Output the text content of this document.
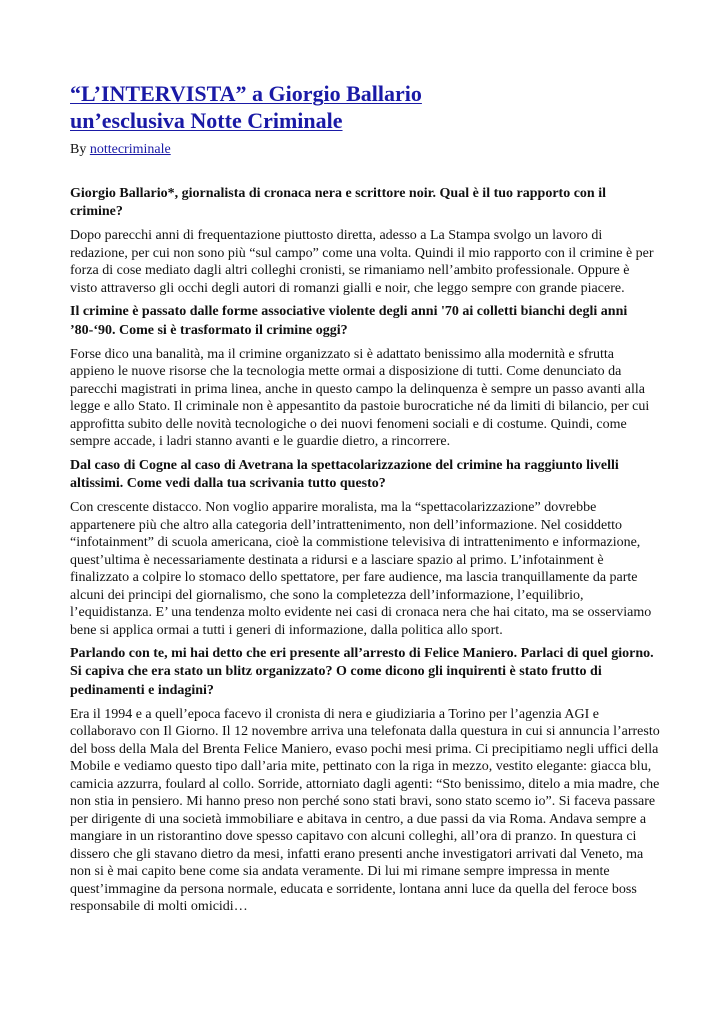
“L’INTERVISTA” a Giorgio Ballario
un’esclusiva Notte Criminale
By nottecriminale

Giorgio Ballario*, giornalista di cronaca nera e scrittore noir. Qual è il tuo rapporto con il crimine?

Dopo parecchi anni di frequentazione piuttosto diretta, adesso a La Stampa svolgo un lavoro di redazione, per cui non sono più “sul campo” come una volta. Quindi il mio rapporto con il crimine è per forza di cose mediato dagli altri colleghi cronisti, se rimaniamo nell’ambito professionale. Oppure è visto attraverso gli occhi degli autori di romanzi gialli e noir, che leggo sempre con grande piacere.

Il crimine è passato dalle forme associative violente degli anni '70 ai colletti bianchi degli anni ’80-‘90. Come si è trasformato il crimine oggi?

Forse dico una banalità, ma il crimine organizzato si è adattato benissimo alla modernità e sfrutta appieno le nuove risorse che la tecnologia mette ormai a disposizione di tutti. Come denunciato da parecchi magistrati in prima linea, anche in questo campo la delinquenza è sempre un passo avanti alla legge e allo Stato. Il criminale non è appesantito da pastoie burocratiche né da limiti di bilancio, per cui approfitta subito delle novità tecnologiche o dei nuovi fenomeni sociali e di costume. Quindi, come sempre accade, i ladri stanno avanti e le guardie dietro, a rincorrere.

Dal caso di Cogne al caso di Avetrana la spettacolarizzazione del crimine ha raggiunto livelli altissimi. Come vedi dalla tua scrivania tutto questo?

Con crescente distacco. Non voglio apparire moralista, ma la “spettacolarizzazione” dovrebbe appartenere più che altro alla categoria dell’intrattenimento, non dell’informazione. Nel cosiddetto “infotainment” di scuola americana, cioè la commistione televisiva di intrattenimento e informazione, quest’ultima è necessariamente destinata a ridursi e a lasciare spazio al primo. L’infotainment è finalizzato a colpire lo stomaco dello spettatore, per fare audience, ma lascia tranquillamente da parte alcuni dei principi del giornalismo, che sono la completezza dell’informazione, l’equilibrio, l’equidistanza. E’ una tendenza molto evidente nei casi di cronaca nera che hai citato, ma se osserviamo bene si applica ormai a tutti i generi di informazione, dalla politica allo sport.

Parlando con te, mi hai detto che eri presente all’arresto di Felice Maniero. Parlaci di quel giorno. Si capiva che era stato un blitz organizzato? O come dicono gli inquirenti è stato frutto di pedinamenti e indagini?

Era il 1994 e a quell’epoca facevo il cronista di nera e giudiziaria a Torino per l’agenzia AGI e collaboravo con Il Giorno. Il 12 novembre arriva una telefonata dalla questura in cui si annuncia l’arresto del boss della Mala del Brenta Felice Maniero, evaso pochi mesi prima. Ci precipitiamo negli uffici della Mobile e vediamo questo tipo dall’aria mite, pettinato con la riga in mezzo, vestito elegante: giacca blu, camicia azzurra, foulard al collo. Sorride, attorniato dagli agenti: “Sto benissimo, ditelo a mia madre, che non stia in pensiero. Mi hanno preso non perché sono stati bravi, sono stato scemo io”. Si faceva passare per dirigente di una società immobiliare e abitava in centro, a due passi da via Roma. Andava sempre a mangiare in un ristorantino dove spesso capitavo con alcuni colleghi, all’ora di pranzo. In questura ci dissero che gli stavano dietro da mesi, infatti erano presenti anche investigatori arrivati dal Veneto, ma non si è mai capito bene come sia andata veramente. Di lui mi rimane sempre impressa in mente quest’immagine da persona normale, educata e sorridente, lontana anni luce da quella del feroce boss responsabile di molti omicidi…
